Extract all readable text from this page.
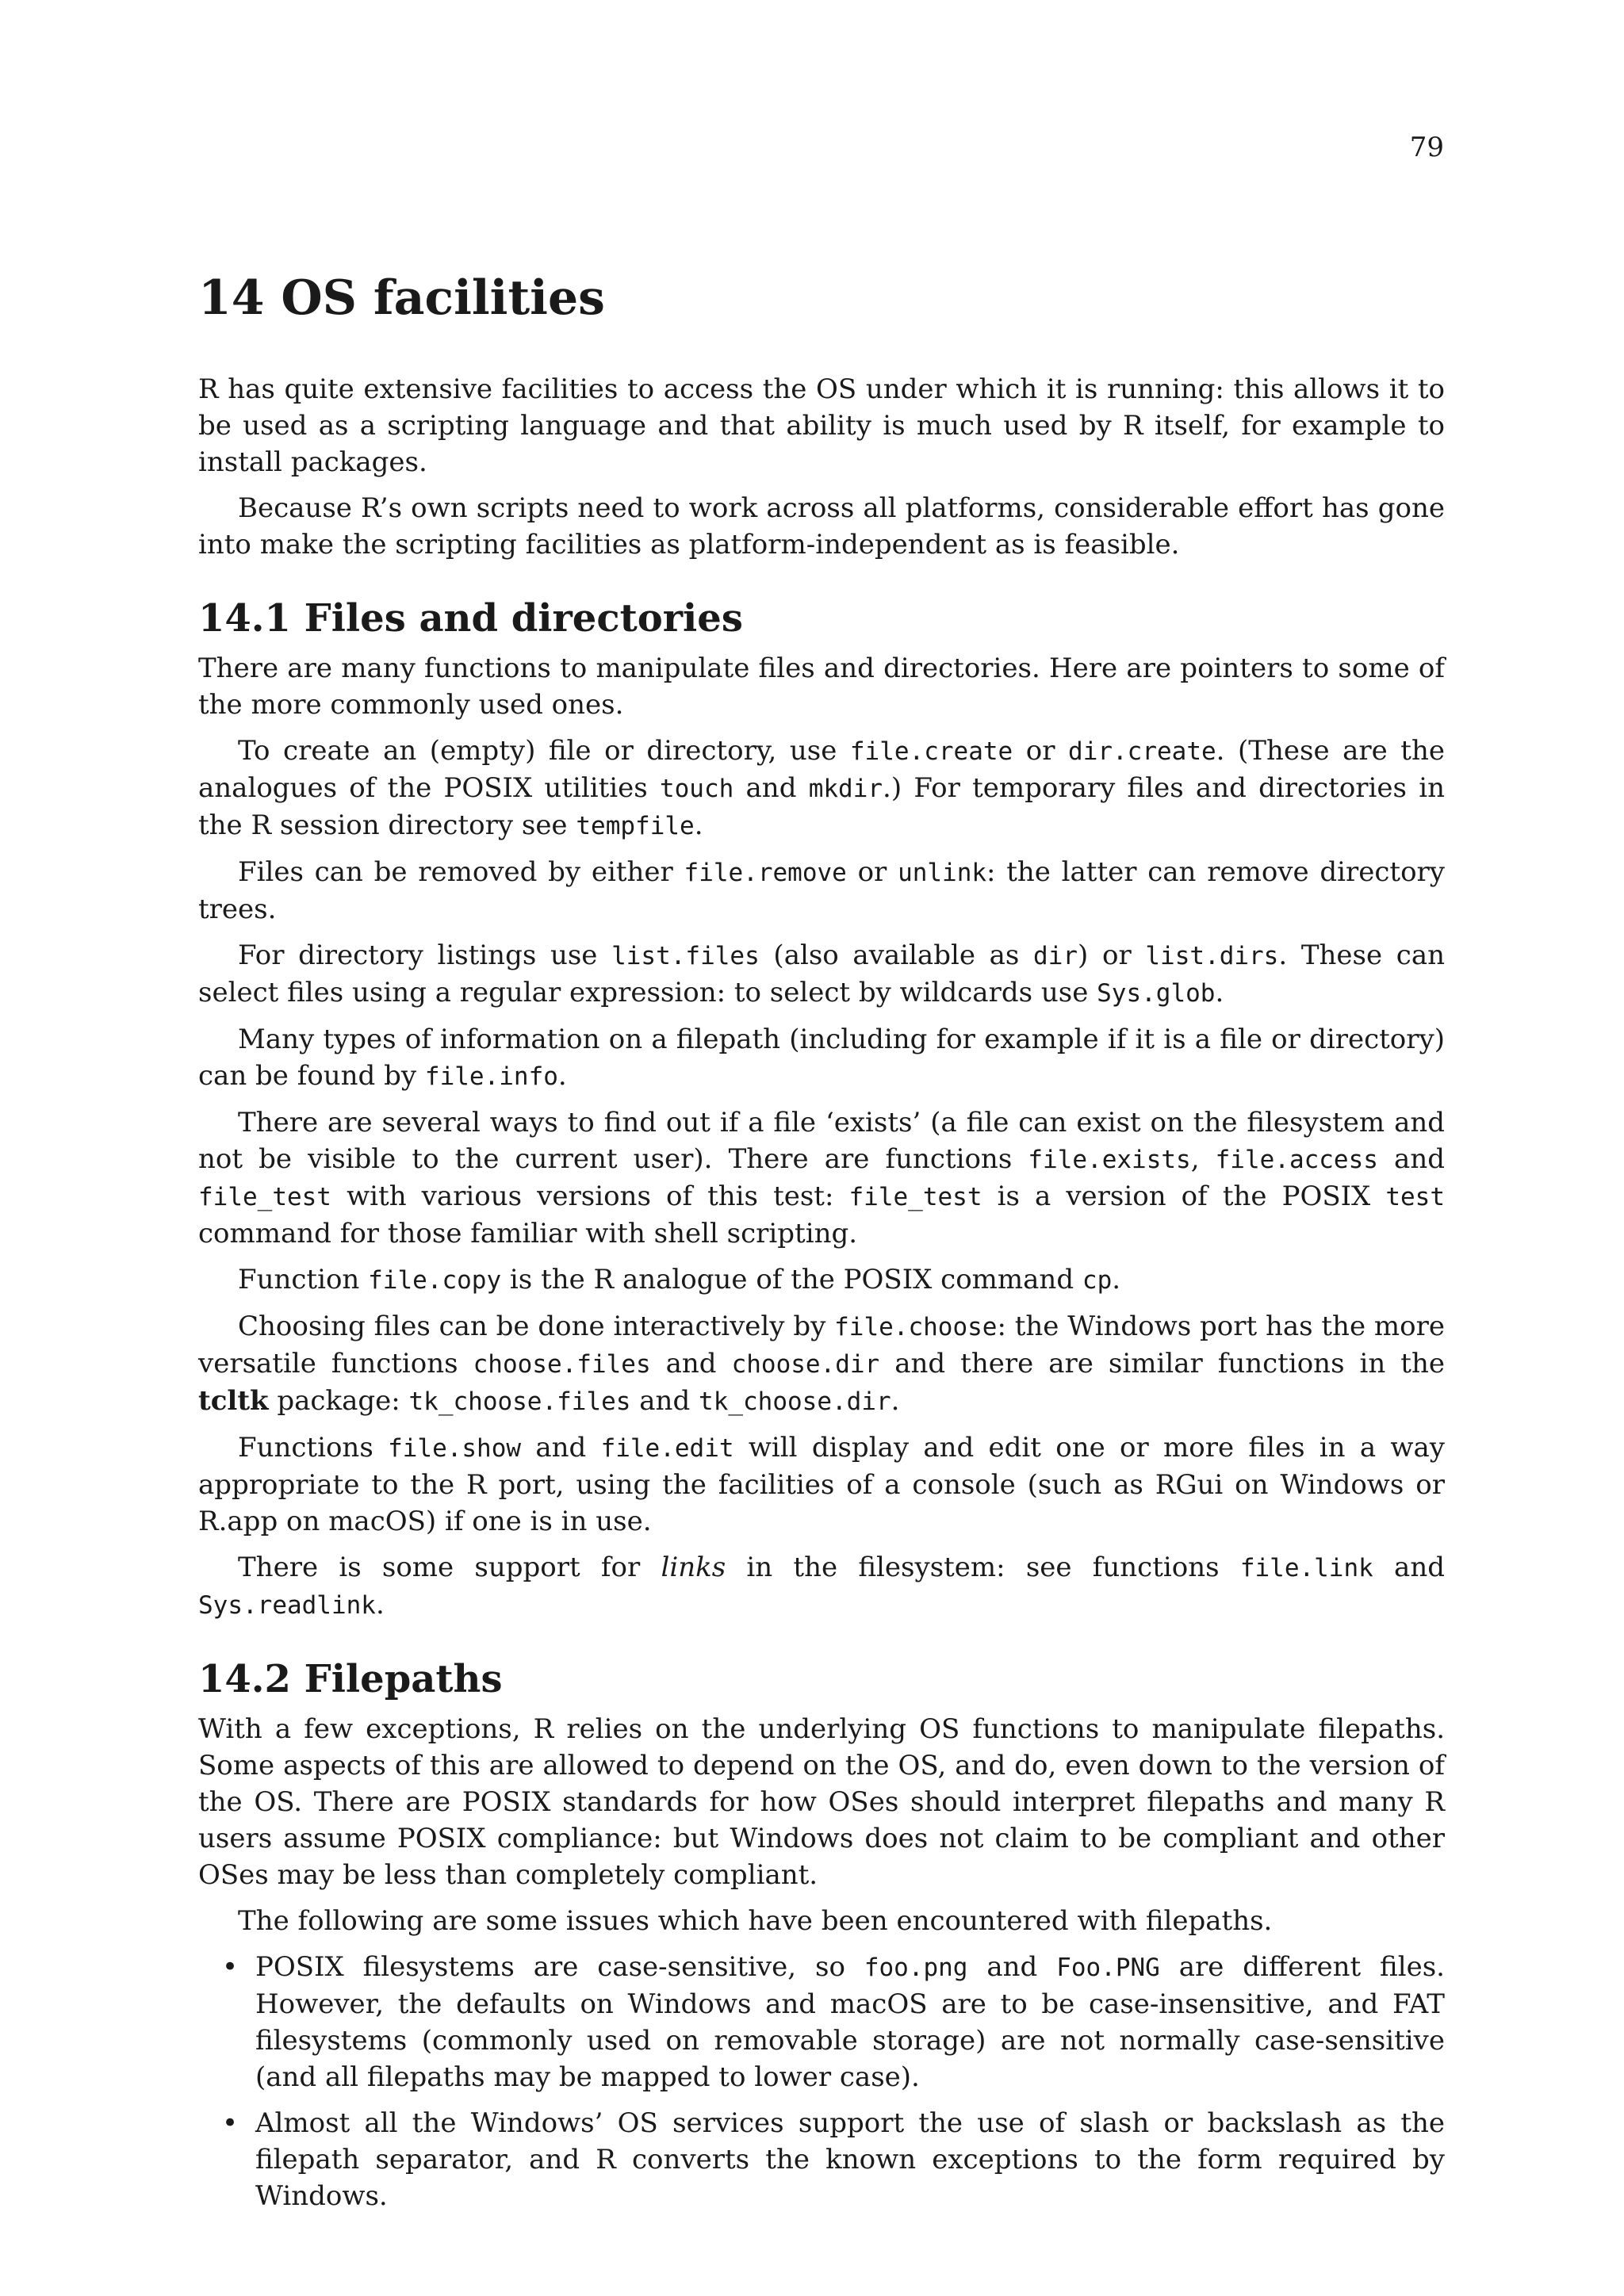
79
14 OS facilities

R has quite extensive facilities to access the OS under which it is running: this allows it to be used as a scripting language and that ability is much used by R itself, for example to install packages.

Because R’s own scripts need to work across all platforms, considerable effort has gone into make the scripting facilities as platform-independent as is feasible.

14.1 Files and directories

There are many functions to manipulate files and directories. Here are pointers to some of the more commonly used ones.

To create an (empty) file or directory, use file.create or dir.create. (These are the analogues of the POSIX utilities touch and mkdir.) For temporary files and directories in the R session directory see tempfile.

Files can be removed by either file.remove or unlink: the latter can remove directory trees.

For directory listings use list.files (also available as dir) or list.dirs. These can select files using a regular expression: to select by wildcards use Sys.glob.

Many types of information on a filepath (including for example if it is a file or directory) can be found by file.info.

There are several ways to find out if a file ‘exists’ (a file can exist on the filesystem and not be visible to the current user). There are functions file.exists, file.access and file_test with various versions of this test: file_test is a version of the POSIX test command for those familiar with shell scripting.

Function file.copy is the R analogue of the POSIX command cp.

Choosing files can be done interactively by file.choose: the Windows port has the more versatile functions choose.files and choose.dir and there are similar functions in the tcltk package: tk_choose.files and tk_choose.dir.

Functions file.show and file.edit will display and edit one or more files in a way appropriate to the R port, using the facilities of a console (such as RGui on Windows or R.app on macOS) if one is in use.

There is some support for links in the filesystem: see functions file.link and Sys.readlink.

14.2 Filepaths

With a few exceptions, R relies on the underlying OS functions to manipulate filepaths. Some aspects of this are allowed to depend on the OS, and do, even down to the version of the OS. There are POSIX standards for how OSes should interpret filepaths and many R users assume POSIX compliance: but Windows does not claim to be compliant and other OSes may be less than completely compliant.

The following are some issues which have been encountered with filepaths.

• POSIX filesystems are case-sensitive, so foo.png and Foo.PNG are different files. However, the defaults on Windows and macOS are to be case-insensitive, and FAT filesystems (commonly used on removable storage) are not normally case-sensitive (and all filepaths may be mapped to lower case).
• Almost all the Windows’ OS services support the use of slash or backslash as the filepath separator, and R converts the known exceptions to the form required by Windows.
